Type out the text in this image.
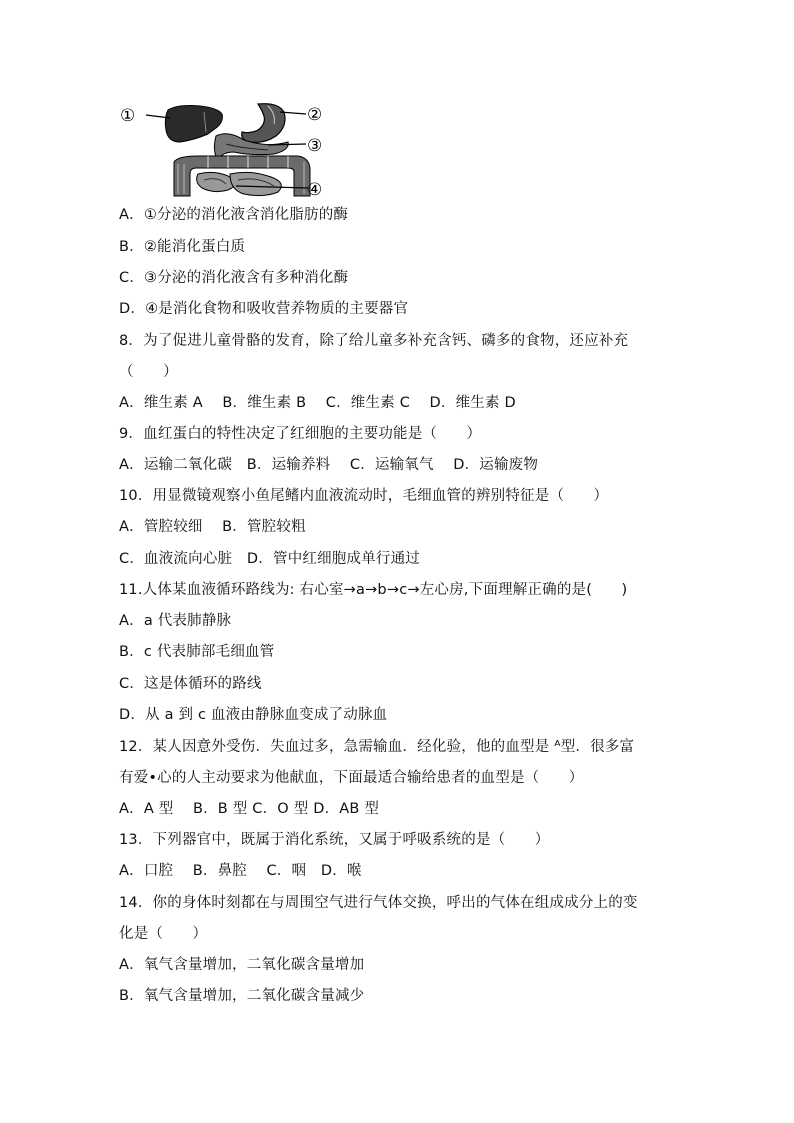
①	②
③
④
A．①分泌的消化液含消化脂肪的酶
B．②能消化蛋白质
C．③分泌的消化液含有多种消化酶
D．④是消化食物和吸收营养物质的主要器官
8．为了促进儿童骨骼的发育，除了给儿童多补充含钙、磷多的食物，还应补充
（　　）
A．维生素 A　 B．维生素 B　 C．维生素 C　 D．维生素 D
9．血红蛋白的特性决定了红细胞的主要功能是（　　）
A．运输二氧化碳　B．运输养料　 C．运输氧气　 D．运输废物
10．用显微镜观察小鱼尾鳍内血液流动时，毛细血管的辨别特征是（　　）
A．管腔较细　 B．管腔较粗
C．血液流向心脏　D．管中红细胞成单行通过
11.人体某血液循环路线为: 右心室→a→b→c→左心房,下面理解正确的是(　　)
A．a 代表肺静脉
B．c 代表肺部毛细血管
C．这是体循环的路线
D．从 a 到 c 血液由静脉血变成了动脉血
12．某人因意外受伤．失血过多，急需输血．经化验，他的血型是 ᴬ型．很多富
有爱•心的人主动要求为他献血，下面最适合输给患者的血型是（　　）
A．A 型　 B．B 型 C．O 型 D．AB 型
13．下列器官中，既属于消化系统，又属于呼吸系统的是（　　）
A．口腔　 B．鼻腔　 C．咽　D．喉
14．你的身体时刻都在与周围空气进行气体交换，呼出的气体在组成成分上的变
化是（　　）
A．氧气含量增加，二氧化碳含量增加
B．氧气含量增加，二氧化碳含量减少
